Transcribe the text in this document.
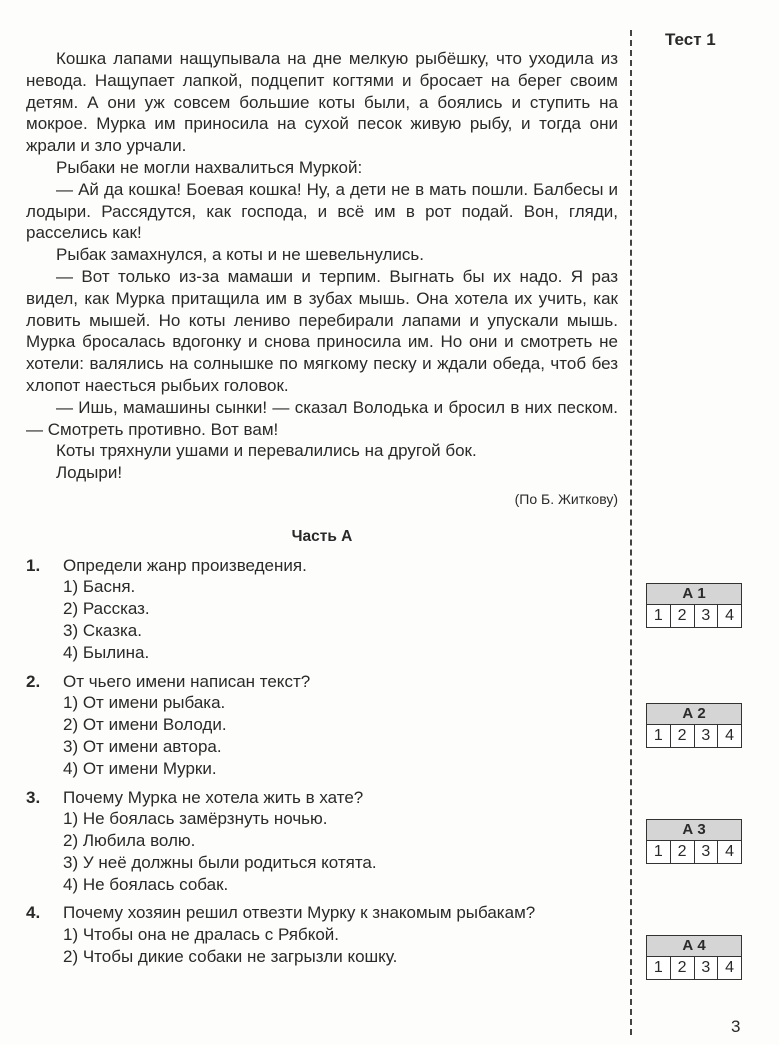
Тест 1
Кошка лапами нащупывала на дне мелкую рыбёшку, что уходила из невода. Нащупает лапкой, подцепит когтями и бросает на берег своим детям. А они уж совсем большие коты были, а боялись и ступить на мокрое. Мурка им приносила на сухой песок живую рыбу, и тогда они жрали и зло урчали.
Рыбаки не могли нахвалиться Муркой:
— Ай да кошка! Боевая кошка! Ну, а дети не в мать пошли. Балбесы и лодыри. Рассядутся, как господа, и всё им в рот подай. Вон, гляди, расселись как!
Рыбак замахнулся, а коты и не шевельнулись.
— Вот только из-за мамаши и терпим. Выгнать бы их надо. Я раз видел, как Мурка притащила им в зубах мышь. Она хотела их учить, как ловить мышей. Но коты лениво перебирали лапами и упускали мышь. Мурка бросалась вдогонку и снова приносила им. Но они и смотреть не хотели: валялись на солнышке по мягкому песку и ждали обеда, чтоб без хлопот наесться рыбьих головок.
— Ишь, мамашины сынки! — сказал Володька и бросил в них песком. — Смотреть противно. Вот вам!
Коты тряхнули ушами и перевалились на другой бок.
Лодыри!
(По Б. Житкову)
Часть А
1.	Определи жанр произведения.
1) Басня.
2) Рассказ.
3) Сказка.
4) Былина.
2.	От чьего имени написан текст?
1) От имени рыбака.
2) От имени Володи.
3) От имени автора.
4) От имени Мурки.
3.	Почему Мурка не хотела жить в хате?
1) Не боялась замёрзнуть ночью.
2) Любила волю.
3) У неё должны были родиться котята.
4) Не боялась собак.
4.	Почему хозяин решил отвезти Мурку к знакомым рыбакам?
1) Чтобы она не дралась с Рябкой.
2) Чтобы дикие собаки не загрызли кошку.
А 1
1 2 3 4
А 2
1 2 3 4
А 3
1 2 3 4
А 4
1 2 3 4
3
